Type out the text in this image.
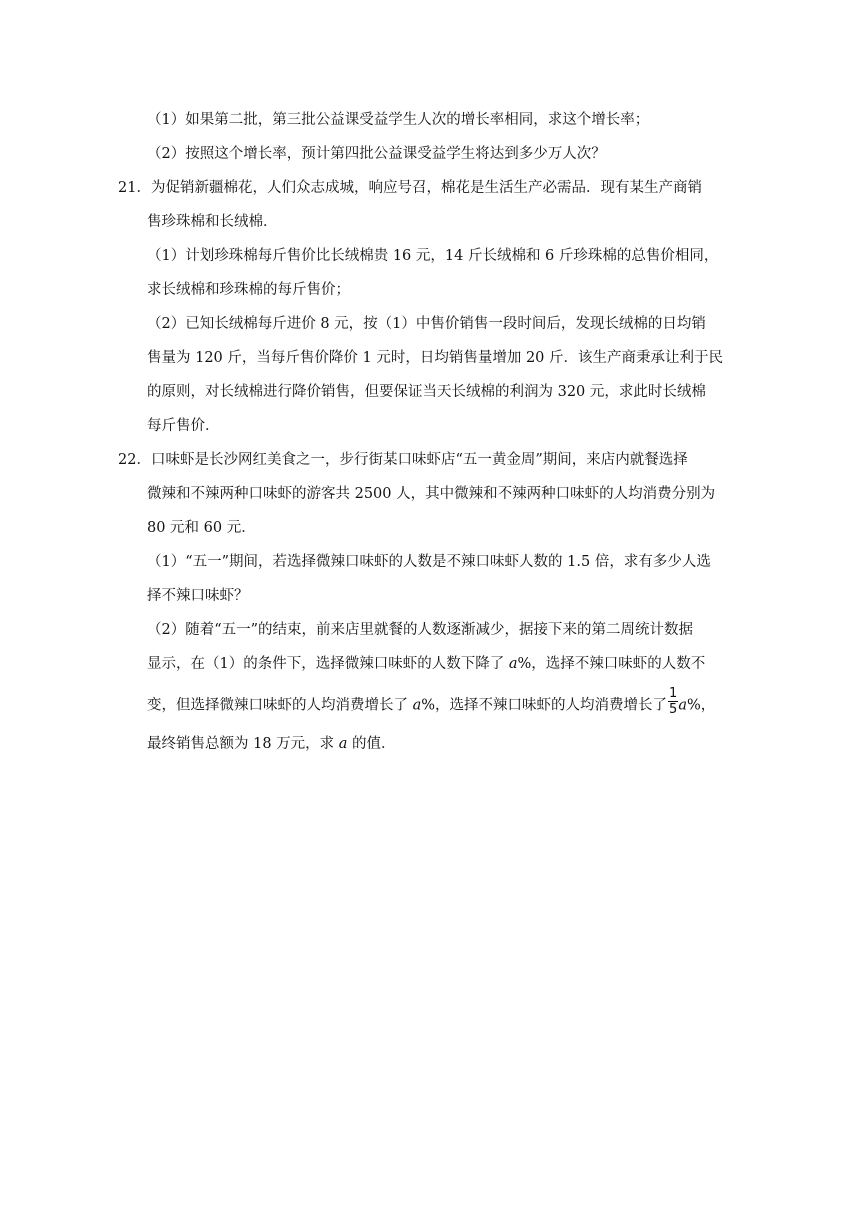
（1）如果第二批，第三批公益课受益学生人次的增长率相同，求这个增长率；
（2）按照这个增长率，预计第四批公益课受益学生将达到多少万人次？
21．为促销新疆棉花，人们众志成城，响应号召，棉花是生活生产必需品．现有某生产商销
售珍珠棉和长绒棉．
（1）计划珍珠棉每斤售价比长绒棉贵 16 元，14 斤长绒棉和 6 斤珍珠棉的总售价相同，
求长绒棉和珍珠棉的每斤售价；
（2）已知长绒棉每斤进价 8 元，按（1）中售价销售一段时间后，发现长绒棉的日均销
售量为 120 斤，当每斤售价降价 1 元时，日均销售量增加 20 斤．该生产商秉承让利于民
的原则，对长绒棉进行降价销售，但要保证当天长绒棉的利润为 320 元，求此时长绒棉
每斤售价．
22．口味虾是长沙网红美食之一，步行街某口味虾店“五一黄金周”期间，来店内就餐选择
微辣和不辣两种口味虾的游客共 2500 人，其中微辣和不辣两种口味虾的人均消费分别为
80 元和 60 元．
（1）“五一”期间，若选择微辣口味虾的人数是不辣口味虾人数的 1.5 倍，求有多少人选
择不辣口味虾？
（2）随着“五一”的结束，前来店里就餐的人数逐渐减少，据接下来的第二周统计数据
显示，在（1）的条件下，选择微辣口味虾的人数下降了 a%，选择不辣口味虾的人数不
变，但选择微辣口味虾的人均消费增长了 a%，选择不辣口味虾的人均消费增长了 $\frac{1}{5} a\%$，
最终销售总额为 18 万元，求 a 的值．
